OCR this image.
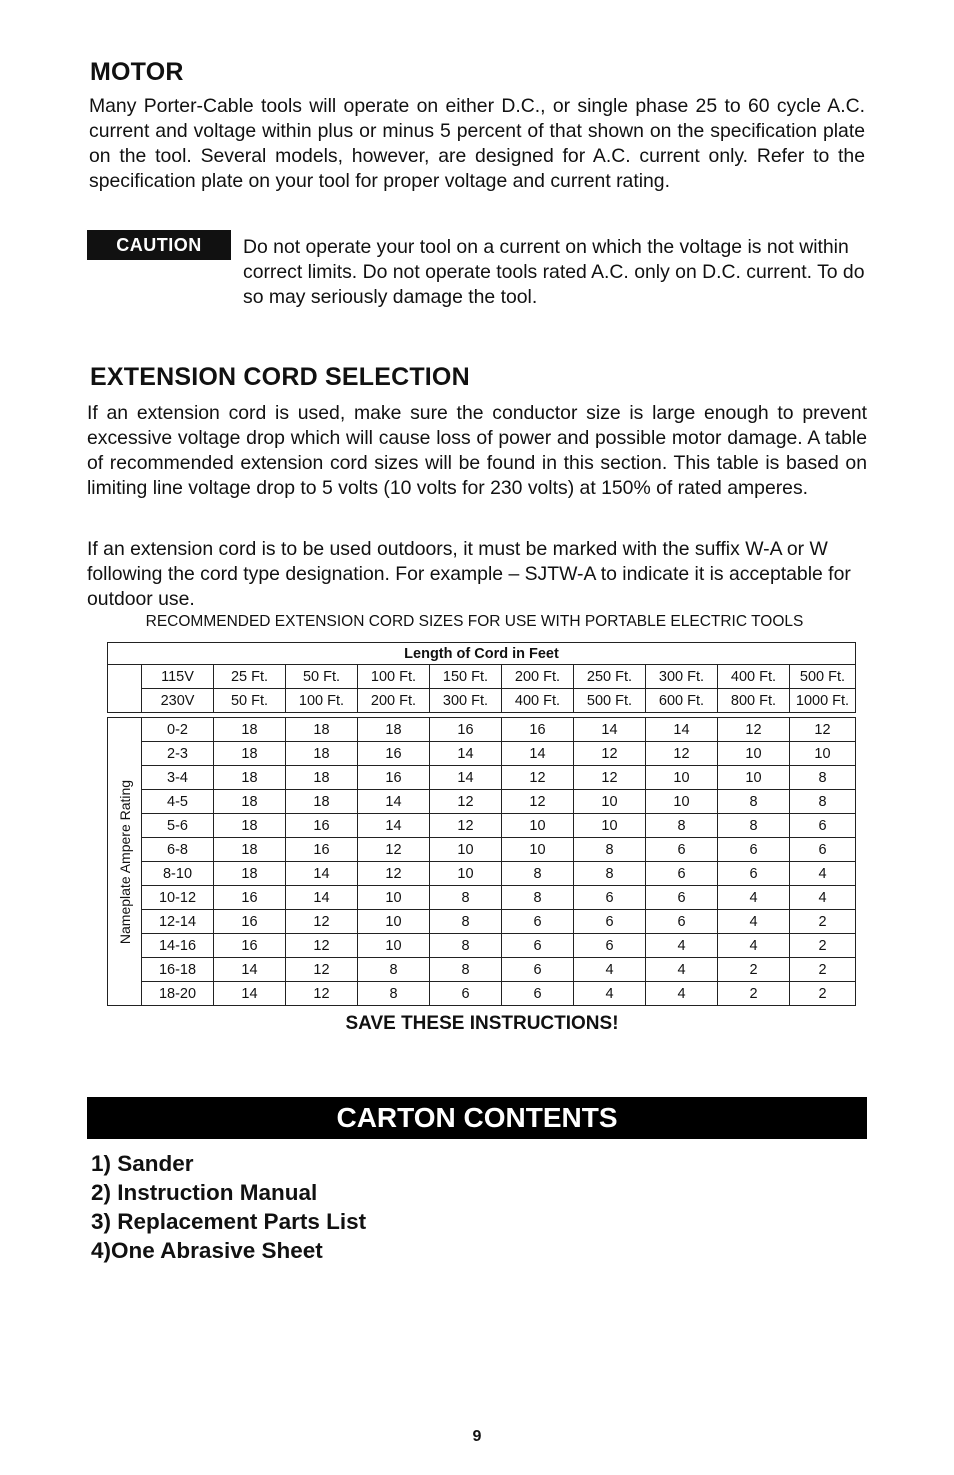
MOTOR
Many Porter-Cable tools will operate on either D.C., or single phase 25 to 60 cycle A.C. current and voltage within plus or minus 5 percent of that shown on the specification plate on the tool. Several models, however, are designed for A.C. current only. Refer to the specification plate on your tool for proper voltage and current rating.
CAUTION	Do not operate your tool on a current on which the voltage is not within correct limits. Do not operate tools rated A.C. only on D.C. current. To do so may seriously damage the tool.
EXTENSION CORD SELECTION
If an extension cord is used, make sure the conductor size is large enough to prevent excessive voltage drop which will cause loss of power and possible motor damage. A table of recommended extension cord sizes will be found in this section. This table is based on limiting line voltage drop to 5 volts (10 volts for 230 volts) at 150% of rated amperes.
If an extension cord is to be used outdoors, it must be marked with the suffix W-A or W following the cord type designation. For example – SJTW-A to indicate it is acceptable for outdoor use.
RECOMMENDED EXTENSION CORD SIZES FOR USE WITH PORTABLE ELECTRIC TOOLS
Length of Cord in Feet										
	115V	25 Ft.	50 Ft.	100 Ft.	150 Ft.	200 Ft.	250 Ft.	300 Ft.	400 Ft.	500 Ft.
	230V	50 Ft.	100 Ft.	200 Ft.	300 Ft.	400 Ft.	500 Ft.	600 Ft.	800 Ft.	1000 Ft.

Nameplate Ampere Rating	0-2	18	18	18	16	16	14	14	12	12
	2-3	18	18	16	14	14	12	12	10	10
	3-4	18	18	16	14	12	12	10	10	8
	4-5	18	18	14	12	12	10	10	8	8
	5-6	18	16	14	12	10	10	8	8	6
	6-8	18	16	12	10	10	8	6	6	6
	8-10	18	14	12	10	8	8	6	6	4
	10-12	16	14	10	8	8	6	6	4	4
	12-14	16	12	10	8	6	6	6	4	2
	14-16	16	12	10	8	6	6	4	4	2
	16-18	14	12	8	8	6	4	4	2	2
	18-20	14	12	8	6	6	4	4	2	2
SAVE THESE INSTRUCTIONS!
CARTON CONTENTS
1) Sander
2) Instruction Manual
3) Replacement Parts List
4)One Abrasive Sheet
9
